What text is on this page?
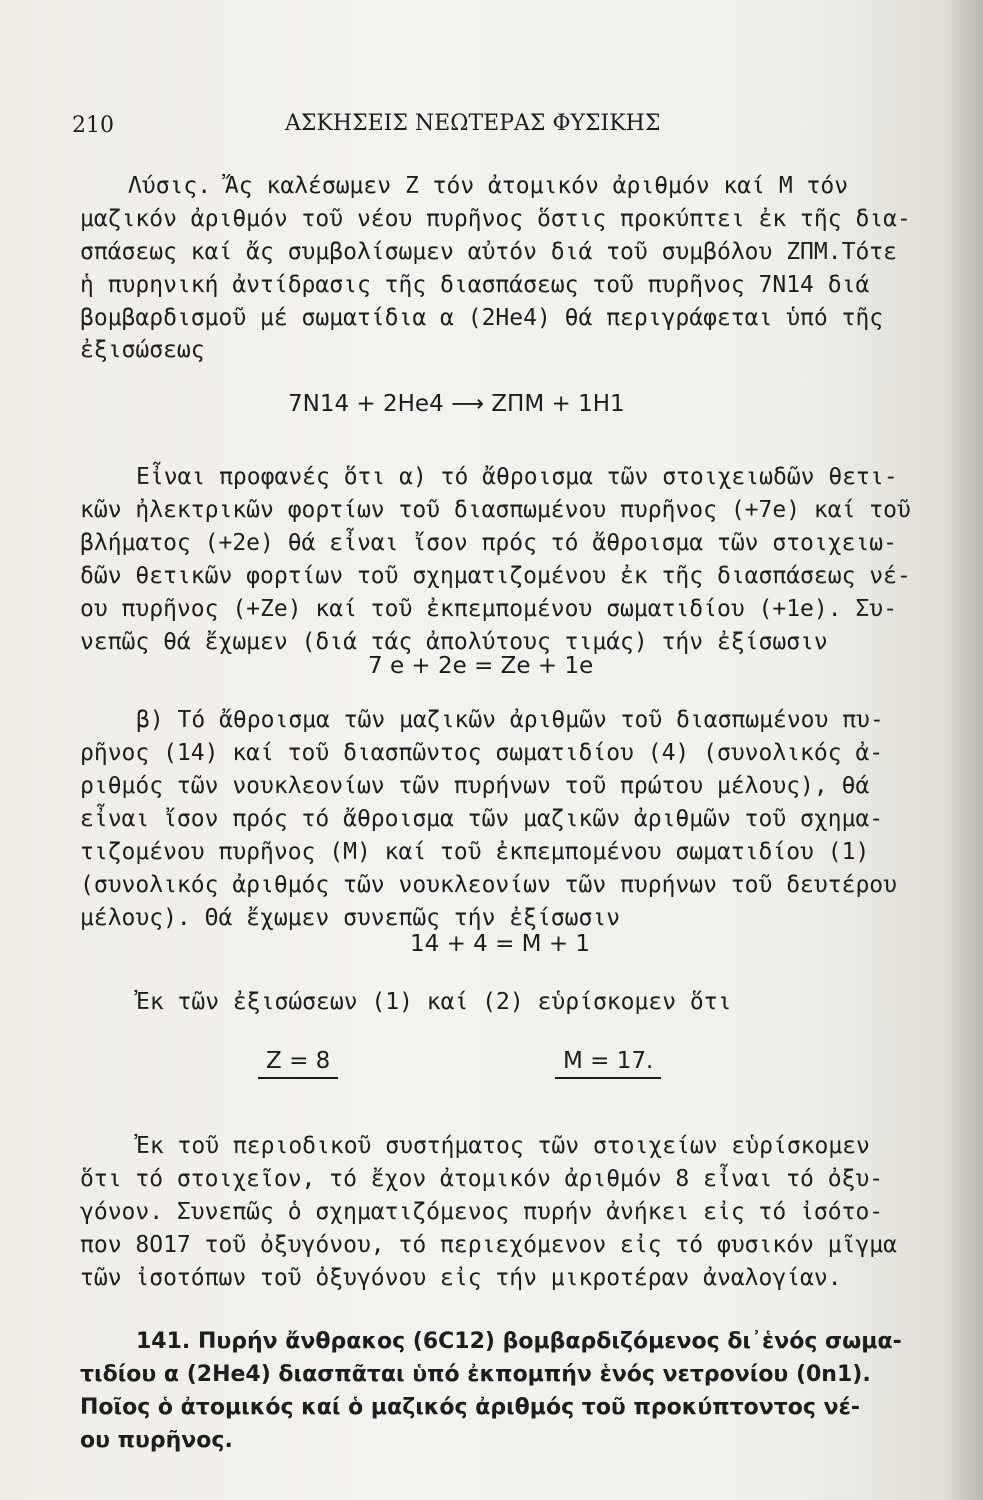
210	ΑΣΚΗΣΕΙΣ ΝΕΩΤΕΡΑΣ ΦΥΣΙΚΗΣ
Λύσις. Ἄς καλέσωμεν Ζ τόν ἀτομικόν ἀριθμόν καί Μ τόν
μαζικόν ἀριθμόν τοῦ νέου πυρῆνος ὅστις προκύπτει ἐκ τῆς δια-
σπάσεως καί ἄς συμβολίσωμεν αὐτόν διά τοῦ συμβόλου ZΠM.Τότε
ἡ πυρηνική ἀντίδρασις τῆς διασπάσεως τοῦ πυρῆνος 7N14 διά
βομβαρδισμοῦ μέ σωματίδια α (2He4) θά περιγράφεται ὑπό τῆς
ἐξισώσεως
7N14 + 2He4 ⟶ ZΠM + 1H1
Εἶναι προφανές ὅτι α) τό ἄθροισμα τῶν στοιχειωδῶν θετι-
κῶν ἠλεκτρικῶν φορτίων τοῦ διασπωμένου πυρῆνος (+7e) καί τοῦ
βλήματος (+2e) θά εἶναι ἴσον πρός τό ἄθροισμα τῶν στοιχειω-
δῶν θετικῶν φορτίων τοῦ σχηματιζομένου ἐκ τῆς διασπάσεως νέ-
ου πυρῆνος (+Ze) καί τοῦ ἐκπεμπομένου σωματιδίου (+1e). Συ-
νεπῶς θά ἔχωμεν (διά τάς ἀπολύτους τιμάς) τήν ἐξίσωσιν
7 e + 2e = Ze + 1e
β) Τό ἄθροισμα τῶν μαζικῶν ἀριθμῶν τοῦ διασπωμένου πυ-
ρῆνος (14) καί τοῦ διασπῶντος σωματιδίου (4) (συνολικός ἀ-
ριθμός τῶν νουκλεονίων τῶν πυρήνων τοῦ πρώτου μέλους), θά
εἶναι ἴσον πρός τό ἄθροισμα τῶν μαζικῶν ἀριθμῶν τοῦ σχημα-
τιζομένου πυρῆνος (Μ) καί τοῦ ἐκπεμπομένου σωματιδίου (1)
(συνολικός ἀριθμός τῶν νουκλεονίων τῶν πυρήνων τοῦ δευτέρου
μέλους). Θά ἔχωμεν συνεπῶς τήν ἐξίσωσιν
14 + 4 = M + 1
Ἐκ τῶν ἐξισώσεων (1) καί (2) εὑρίσκομεν ὅτι
Z = 8	M = 17.
Ἐκ τοῦ περιοδικοῦ συστήματος τῶν στοιχείων εὑρίσκομεν
ὅτι τό στοιχεῖον, τό ἔχον ἀτομικόν ἀριθμόν 8 εἶναι τό ὀξυ-
γόνον. Συνεπῶς ὁ σχηματιζόμενος πυρήν ἀνήκει εἰς τό ἰσότο-
πον 8O17 τοῦ ὀξυγόνου, τό περιεχόμενον εἰς τό φυσικόν μῖγμα
τῶν ἰσοτόπων τοῦ ὀξυγόνου εἰς τήν μικροτέραν ἀναλογίαν.
141. Πυρήν ἄνθρακος (6C12) βομβαρδιζόμενος δι᾽ἑνός σωμα-
τιδίου α (2He4) διασπᾶται ὑπό ἐκπομπήν ἑνός νετρονίου (0n1).
Ποῖος ὁ ἀτομικός καί ὁ μαζικός ἀριθμός τοῦ προκύπτοντος νέ-
ου πυρῆνος.
